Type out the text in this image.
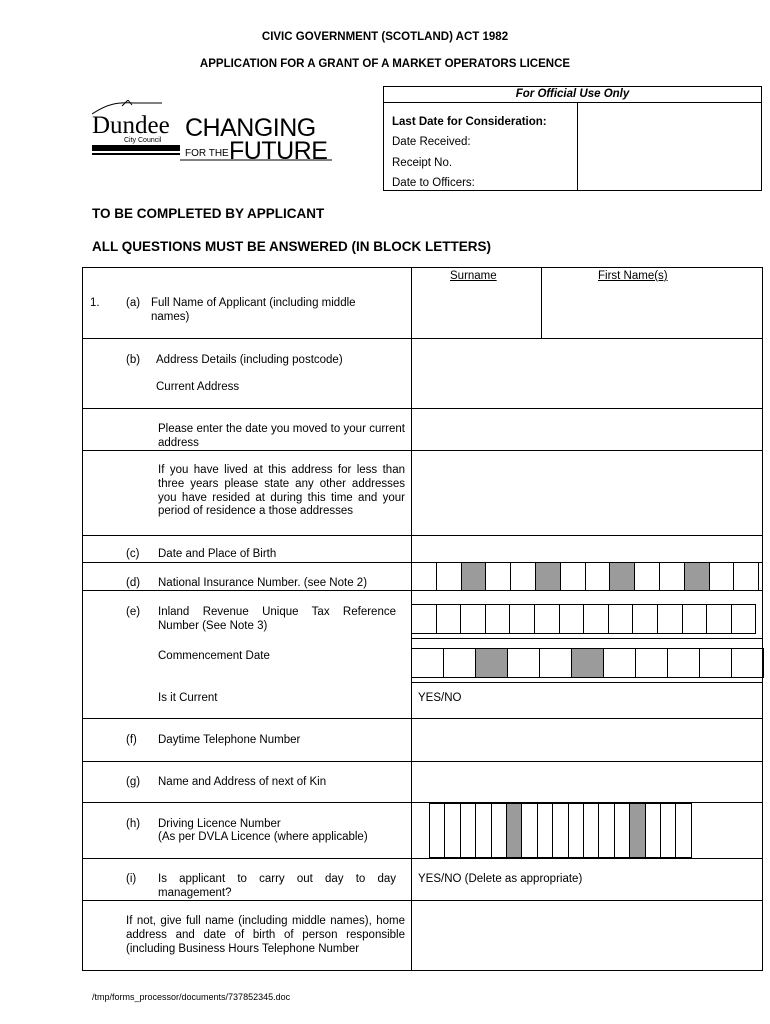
CIVIC GOVERNMENT (SCOTLAND) ACT 1982
APPLICATION FOR A GRANT OF A MARKET OPERATORS LICENCE
Dundee
City Council CHANGING
FOR THE FUTURE
For Official Use Only
Last Date for Consideration:
Date Received:
Receipt No.
Date to Officers:
TO BE COMPLETED BY APPLICANT
ALL QUESTIONS MUST BE ANSWERED (IN BLOCK LETTERS)
Surname	First Name(s)
1. (a) Full Name of Applicant (including middle names)
(b) Address Details (including postcode)
Current Address
Please enter the date you moved to your current address
If you have lived at this address for less than three years please state any other addresses you have resided at during this time and your period of residence a those addresses
(c) Date and Place of Birth
(d) National Insurance Number. (see Note 2)
(e) Inland Revenue Unique Tax Reference Number (See Note 3)
Commencement Date
Is it Current	YES/NO
(f) Daytime Telephone Number
(g) Name and Address of next of Kin
(h) Driving Licence Number
(As per DVLA Licence (where applicable)
(i) Is applicant to carry out day to day management?
YES/NO (Delete as appropriate)
If not, give full name (including middle names), home address and date of birth of person responsible (including Business Hours Telephone Number
/tmp/forms_processor/documents/737852345.doc
